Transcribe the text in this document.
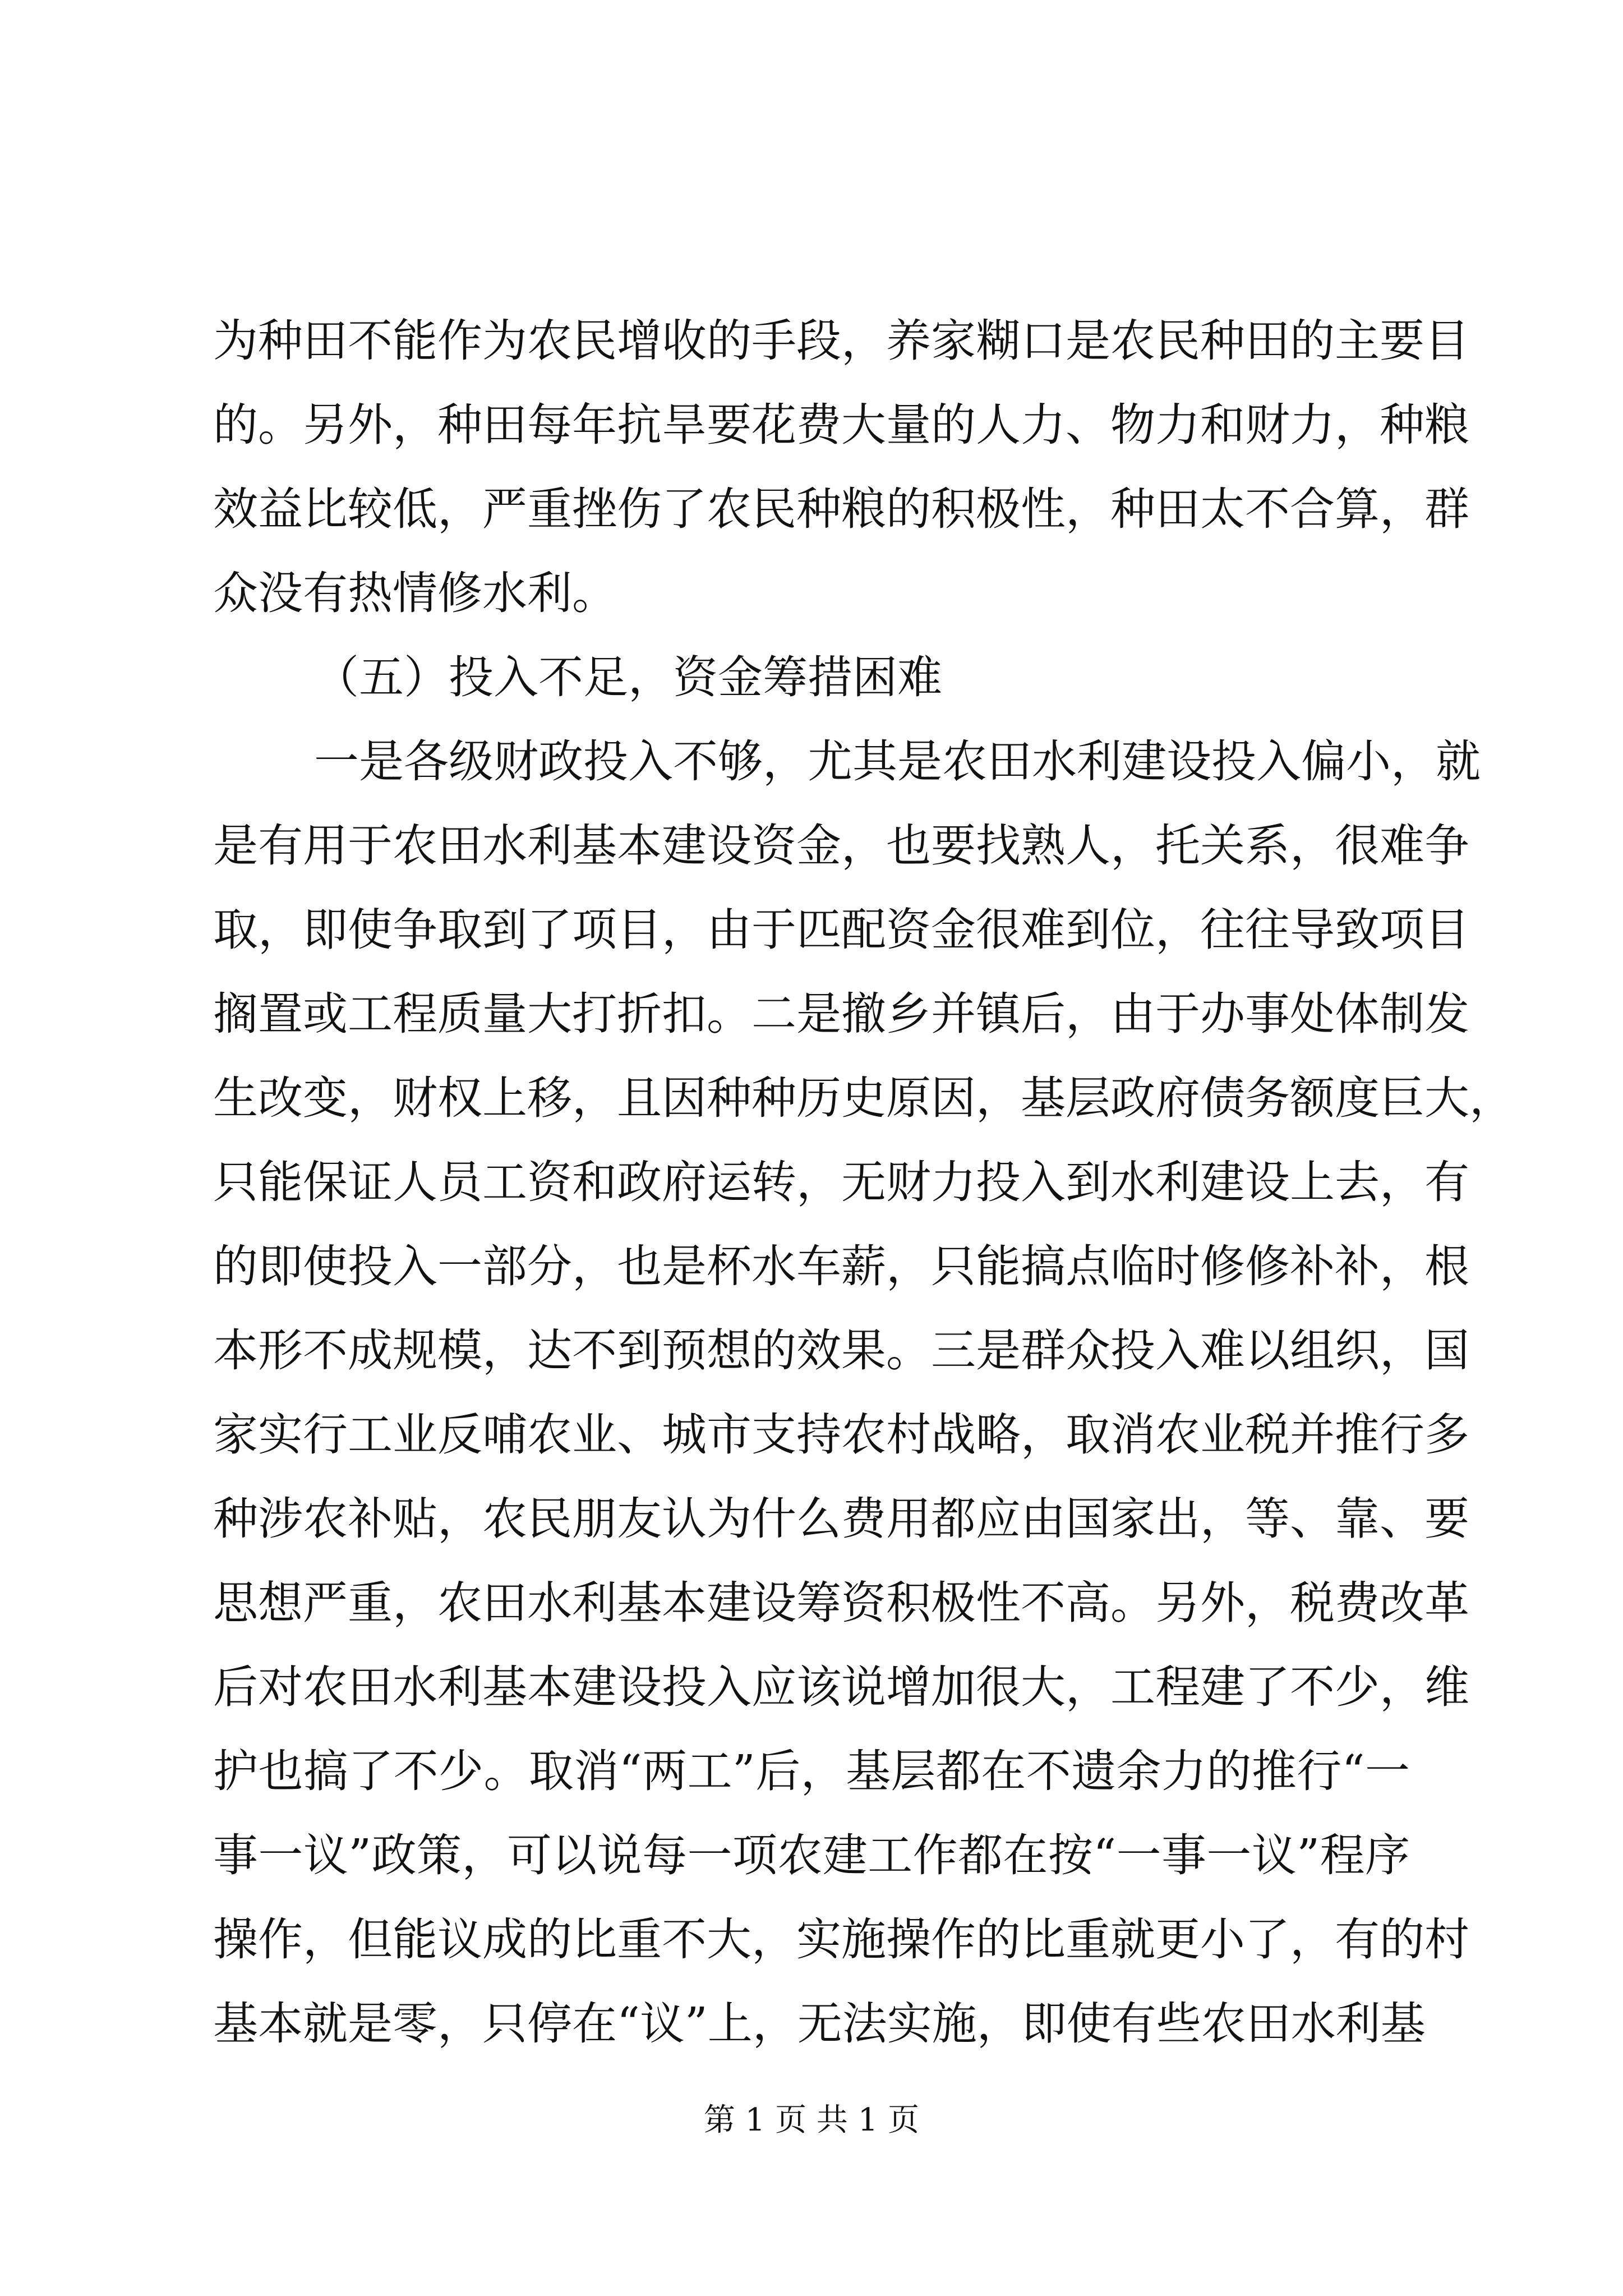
为种田不能作为农民增收的手段，养家糊口是农民种田的主要目
的。另外，种田每年抗旱要花费大量的人力、物力和财力，种粮
效益比较低，严重挫伤了农民种粮的积极性，种田太不合算，群
众没有热情修水利。
（五）投入不足，资金筹措困难
一是各级财政投入不够，尤其是农田水利建设投入偏小，就
是有用于农田水利基本建设资金，也要找熟人，托关系，很难争
取，即使争取到了项目，由于匹配资金很难到位，往往导致项目
搁置或工程质量大打折扣。二是撤乡并镇后，由于办事处体制发
生改变，财权上移，且因种种历史原因，基层政府债务额度巨大，
只能保证人员工资和政府运转，无财力投入到水利建设上去，有
的即使投入一部分，也是杯水车薪，只能搞点临时修修补补，根
本形不成规模，达不到预想的效果。三是群众投入难以组织，国
家实行工业反哺农业、城市支持农村战略，取消农业税并推行多
种涉农补贴，农民朋友认为什么费用都应由国家出，等、靠、要
思想严重，农田水利基本建设筹资积极性不高。另外，税费改革
后对农田水利基本建设投入应该说增加很大，工程建了不少，维
护也搞了不少。取消“两工”后，基层都在不遗余力的推行“一
事一议”政策，可以说每一项农建工作都在按“一事一议”程序
操作，但能议成的比重不大，实施操作的比重就更小了，有的村
基本就是零，只停在“议”上，无法实施，即使有些农田水利基
第 1 页 共 1 页
